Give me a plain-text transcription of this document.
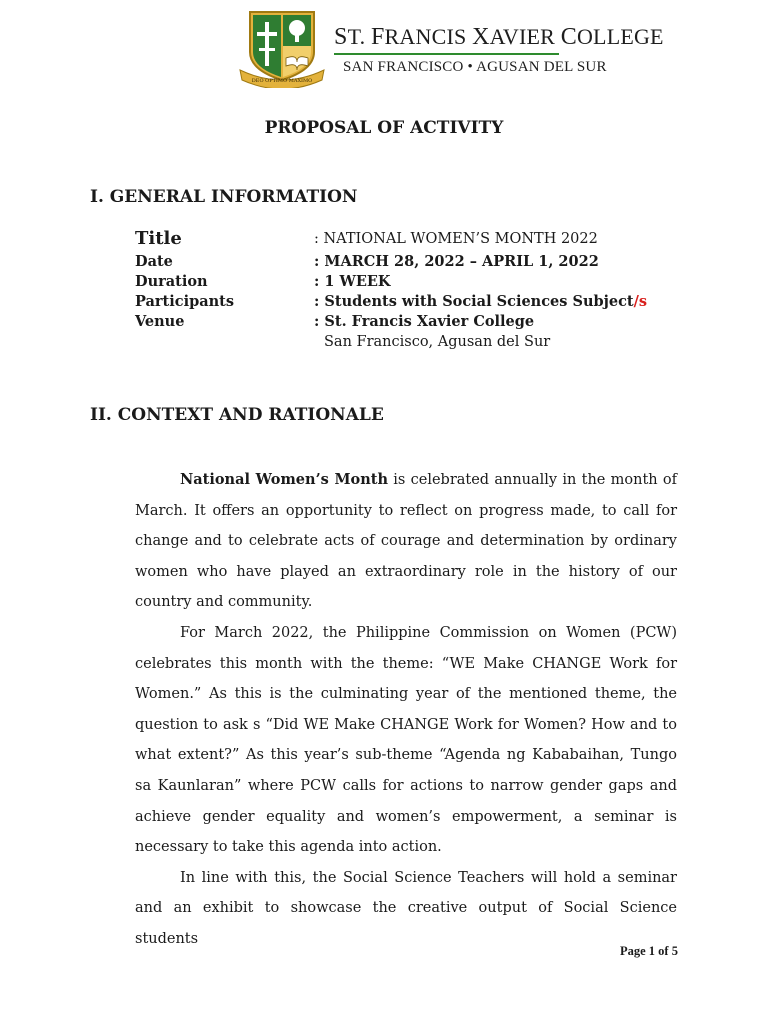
DEO OPTIMO MAXIMO
ST. FRANCIS XAVIER COLLEGE
SAN FRANCISCO • AGUSAN DEL SUR
PROPOSAL OF ACTIVITY
I. GENERAL INFORMATION
Title	: NATIONAL WOMEN’S MONTH 2022
Date	: MARCH 28, 2022 – APRIL 1, 2022
Duration	: 1 WEEK
Participants	: Students with Social Sciences Subject/s
Venue	: St. Francis Xavier College
San Francisco, Agusan del Sur
II. CONTEXT AND RATIONALE

National Women’s Month is celebrated annually in the month of March. It offers an opportunity to reflect on progress made, to call for change and to celebrate acts of courage and determination by ordinary women who have played an extraordinary role in the history of our country and community.

For March 2022, the Philippine Commission on Women (PCW) celebrates this month with the theme: “WE Make CHANGE Work for Women.” As this is the culminating year of the mentioned theme, the question to ask s “Did WE Make CHANGE Work for Women? How and to what extent?” As this year’s sub-theme “Agenda ng Kababaihan, Tungo sa Kaunlaran” where PCW calls for actions to narrow gender gaps and achieve gender equality and women’s empowerment, a seminar is necessary to take this agenda into action.

In line with this, the Social Science Teachers will hold a seminar and an exhibit to showcase the creative output of Social Science students

Page 1 of 5
